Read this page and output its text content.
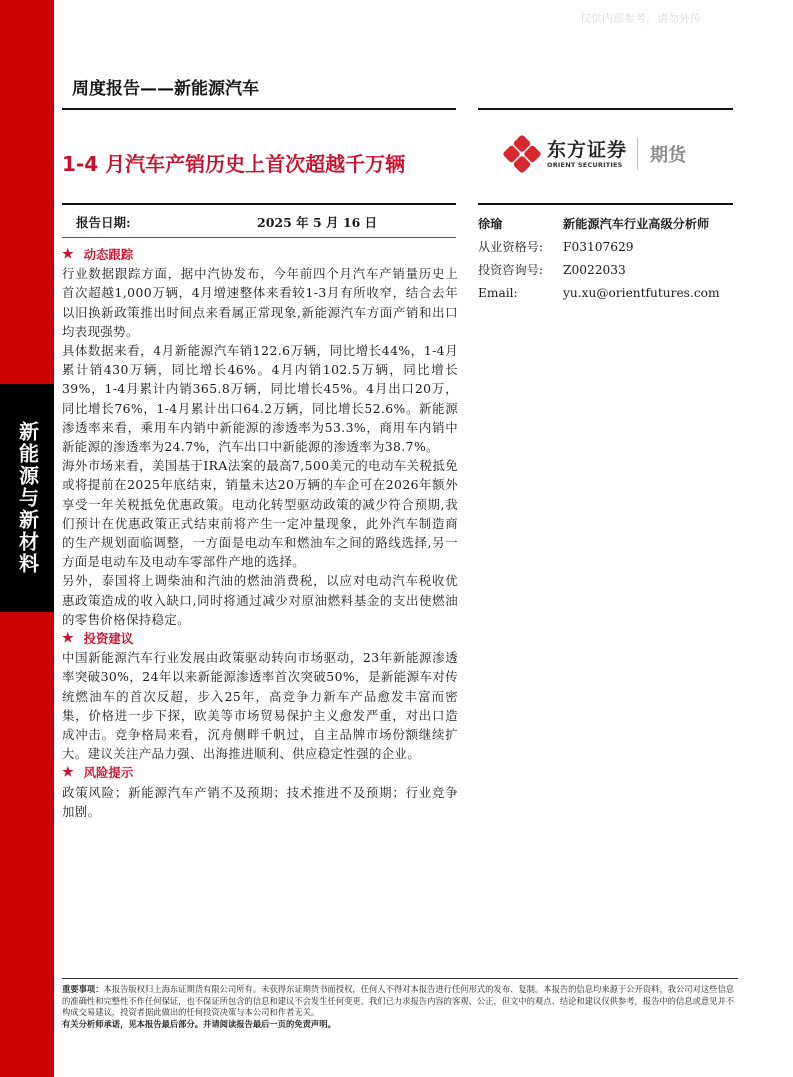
新能源与新材料
仅供内部参考，请勿外传
周度报告——新能源汽车
1-4 月汽车产销历史上首次超越千万辆
东方证券
ORIENT SECURITIES 期货
报告日期:	2025 年 5 月 16 日	徐瑜	新能源汽车行业高级分析师
从业资格号:	F03107629
投资咨询号:	Z0022033
Email:	yu.xu@orientfutures.com
★ 动态跟踪

行业数据跟踪方面，据中汽协发布，今年前四个月汽车产销量历史上首次超越1,000万辆，4月增速整体来看较1-3月有所收窄，结合去年以旧换新政策推出时间点来看属正常现象,新能源汽车方面产销和出口均表现强势。

具体数据来看，4月新能源汽车销122.6万辆，同比增长44%，1-4月累计销430万辆，同比增长46%。4月内销102.5万辆，同比增长39%，1-4月累计内销365.8万辆，同比增长45%。4月出口20万，同比增长76%，1-4月累计出口64.2万辆，同比增长52.6%。新能源渗透率来看，乘用车内销中新能源的渗透率为53.3%，商用车内销中新能源的渗透率为24.7%，汽车出口中新能源的渗透率为38.7%。

海外市场来看，美国基于IRA法案的最高7,500美元的电动车关税抵免或将提前在2025年底结束，销量未达20万辆的车企可在2026年额外享受一年关税抵免优惠政策。电动化转型驱动政策的减少符合预期,我们预计在优惠政策正式结束前将产生一定冲量现象，此外汽车制造商的生产规划面临调整，一方面是电动车和燃油车之间的路线选择,另一方面是电动车及电动车零部件产地的选择。

另外，泰国将上调柴油和汽油的燃油消费税，以应对电动汽车税收优惠政策造成的收入缺口,同时将通过减少对原油燃料基金的支出使燃油的零售价格保持稳定。

★ 投资建议

中国新能源汽车行业发展由政策驱动转向市场驱动，23年新能源渗透率突破30%，24年以来新能源渗透率首次突破50%，是新能源车对传统燃油车的首次反超，步入25年，高竞争力新车产品愈发丰富而密集，价格进一步下探，欧美等市场贸易保护主义愈发严重，对出口造成冲击。竞争格局来看，沉舟侧畔千帆过，自主品牌市场份额继续扩大。建议关注产品力强、出海推进顺利、供应稳定性强的企业。

★ 风险提示

政策风险；新能源汽车产销不及预期；技术推进不及预期；行业竞争加剧。

重要事项：本报告版权归上海东证期货有限公司所有。未获得东证期货书面授权，任何人不得对本报告进行任何形式的发布、复制。本报告的信息均来源于公开资料，我公司对这些信息的准确性和完整性不作任何保证，也不保证所包含的信息和建议不会发生任何变更。我们已力求报告内容的客观、公正，但文中的观点、结论和建议仅供参考，报告中的信息或意见并不构成交易建议，投资者据此做出的任何投资决策与本公司和作者无关。
有关分析师承诺，见本报告最后部分。并请阅读报告最后一页的免责声明。
